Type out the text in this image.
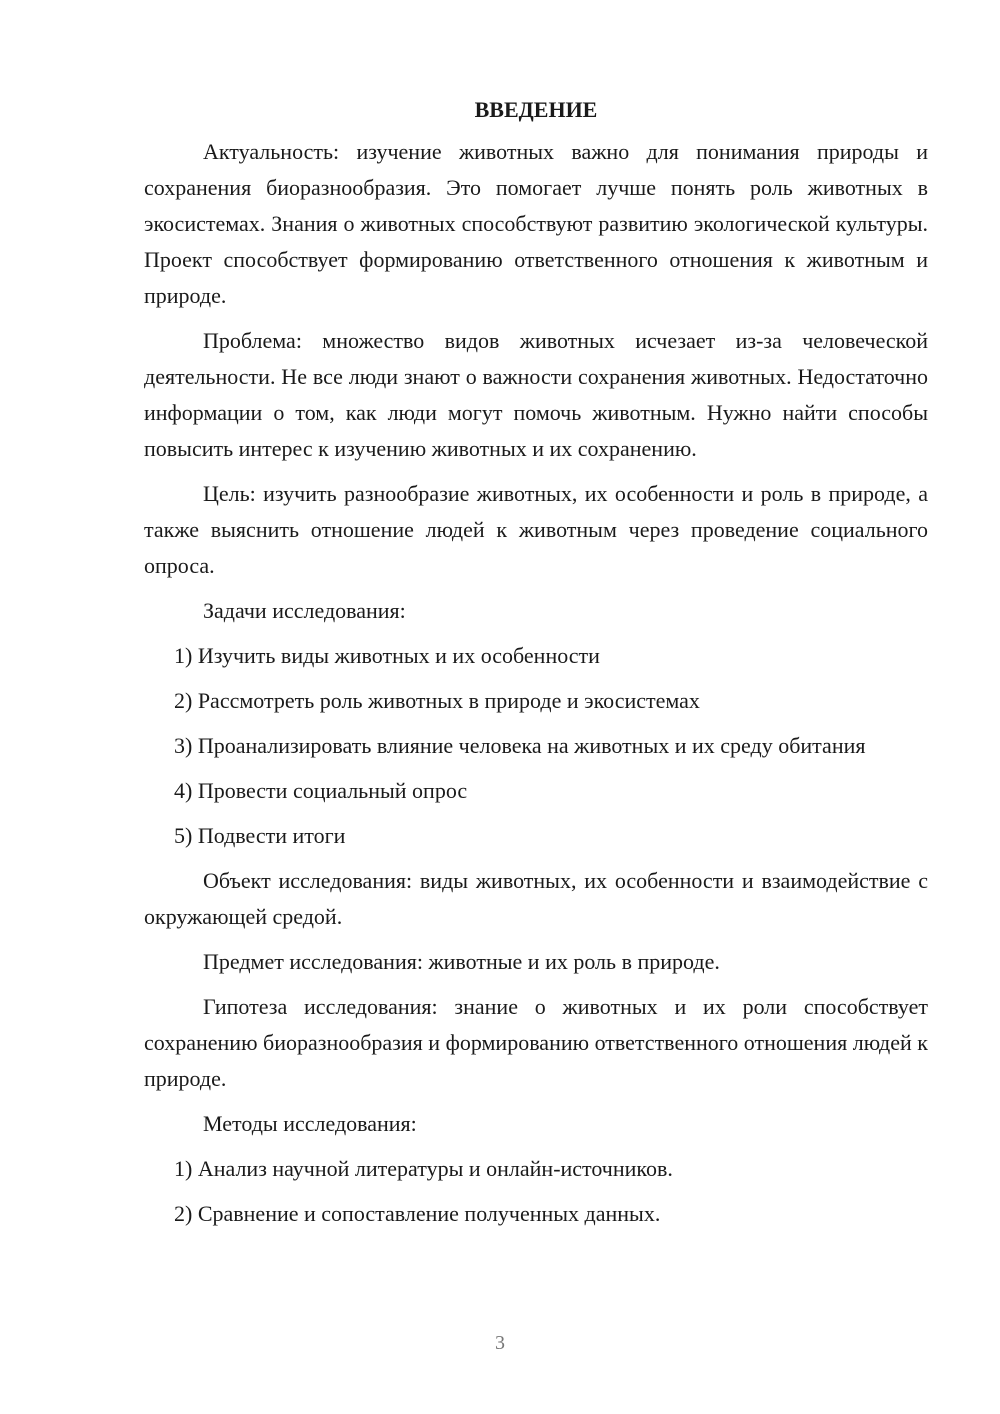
ВВЕДЕНИЕ

Актуальность: изучение животных важно для понимания природы и сохранения биоразнообразия. Это помогает лучше понять роль животных в экосистемах. Знания о животных способствуют развитию экологической культуры. Проект способствует формированию ответственного отношения к животным и природе.

Проблема: множество видов животных исчезает из-за человеческой деятельности. Не все люди знают о важности сохранения животных. Недостаточно информации о том, как люди могут помочь животным. Нужно найти способы повысить интерес к изучению животных и их сохранению.

Цель: изучить разнообразие животных, их особенности и роль в природе, а также выяснить отношение людей к животным через проведение социального опроса.

Задачи исследования:

1) Изучить виды животных и их особенности

2) Рассмотреть роль животных в природе и экосистемах

3) Проанализировать влияние человека на животных и их среду обитания

4) Провести социальный опрос

5) Подвести итоги

Объект исследования: виды животных, их особенности и взаимодействие с окружающей средой.

Предмет исследования: животные и их роль в природе.

Гипотеза исследования: знание о животных и их роли способствует сохранению биоразнообразия и формированию ответственного отношения людей к природе.

Методы исследования:

1) Анализ научной литературы и онлайн-источников.

2) Сравнение и сопоставление полученных данных.

3
